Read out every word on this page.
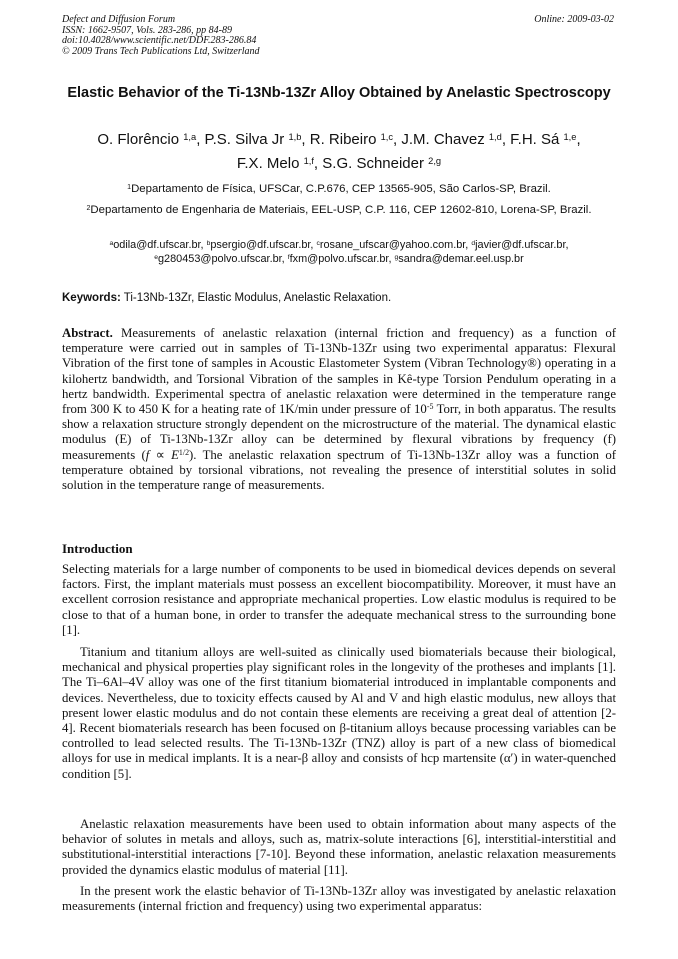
Defect and Diffusion Forum
ISSN: 1662-9507, Vols. 283-286, pp 84-89
doi:10.4028/www.scientific.net/DDF.283-286.84
© 2009 Trans Tech Publications Ltd, Switzerland
Online: 2009-03-02
Elastic Behavior of the Ti-13Nb-13Zr Alloy Obtained by Anelastic Spectroscopy
O. Florêncio $^{1,a}$, P.S. Silva Jr $^{1,b}$, R. Ribeiro $^{1,c}$, J.M. Chavez $^{1,d}$, F.H. Sá $^{1,e}$,
F.X. Melo $^{1,f}$, S.G. Schneider $^{2,g}$
$^1$Departamento de Física, UFSCar, C.P.676, CEP 13565-905, São Carlos-SP, Brazil.
$^2$Departamento de Engenharia de Materiais, EEL-USP, C.P. 116, CEP 12602-810, Lorena-SP, Brazil.
$^a$odila@df.ufscar.br, $^b$psergio@df.ufscar.br, $^c$rosane_ufscar@yahoo.com.br, $^d$javier@df.ufscar.br,
$^e$g280453@polvo.ufscar.br, $^f$fxm@polvo.ufscar.br, $^g$sandra@demar.eel.usp.br
Keywords: Ti-13Nb-13Zr, Elastic Modulus, Anelastic Relaxation.
Abstract. Measurements of anelastic relaxation (internal friction and frequency) as a function of temperature were carried out in samples of Ti-13Nb-13Zr using two experimental apparatus: Flexural Vibration of the first tone of samples in Acoustic Elastometer System (Vibran Technology®) operating in a kilohertz bandwidth, and Torsional Vibration of the samples in Kê-type Torsion Pendulum operating in a hertz bandwidth. Experimental spectra of anelastic relaxation were determined in the temperature range from 300 K to 450 K for a heating rate of 1K/min under pressure of $10^{-5}$ Torr, in both apparatus. The results show a relaxation structure strongly dependent on the microstructure of the material. The dynamical elastic modulus (E) of Ti-13Nb-13Zr alloy can be determined by flexural vibrations by frequency (f) measurements $(f \propto E^{1/2})$. The anelastic relaxation spectrum of Ti-13Nb-13Zr alloy was a function of temperature obtained by torsional vibrations, not revealing the presence of interstitial solutes in solid solution in the temperature range of measurements.
Introduction
Selecting materials for a large number of components to be used in biomedical devices depends on several factors. First, the implant materials must possess an excellent biocompatibility. Moreover, it must have an excellent corrosion resistance and appropriate mechanical properties. Low elastic modulus is required to be close to that of a human bone, in order to transfer the adequate mechanical stress to the surrounding bone [1].
Titanium and titanium alloys are well-suited as clinically used biomaterials because their biological, mechanical and physical properties play significant roles in the longevity of the protheses and implants [1]. The Ti–6Al–4V alloy was one of the first titanium biomaterial introduced in implantable components and devices. Nevertheless, due to toxicity effects caused by Al and V and high elastic modulus, new alloys that present lower elastic modulus and do not contain these elements are receiving a great deal of attention [2-4]. Recent biomaterials research has been focused on β-titanium alloys because processing variables can be controlled to lead selected results. The Ti-13Nb-13Zr (TNZ) alloy is part of a new class of biomedical alloys for use in medical implants. It is a near-β alloy and consists of hcp martensite (α′) in water-quenched condition [5].
Anelastic relaxation measurements have been used to obtain information about many aspects of the behavior of solutes in metals and alloys, such as, matrix-solute interactions [6], interstitial-interstitial and substitutional-interstitial interactions [7-10]. Beyond these information, anelastic relaxation measurements provided the dynamics elastic modulus of material [11].
In the present work the elastic behavior of Ti-13Nb-13Zr alloy was investigated by anelastic relaxation measurements (internal friction and frequency) using two experimental apparatus:
